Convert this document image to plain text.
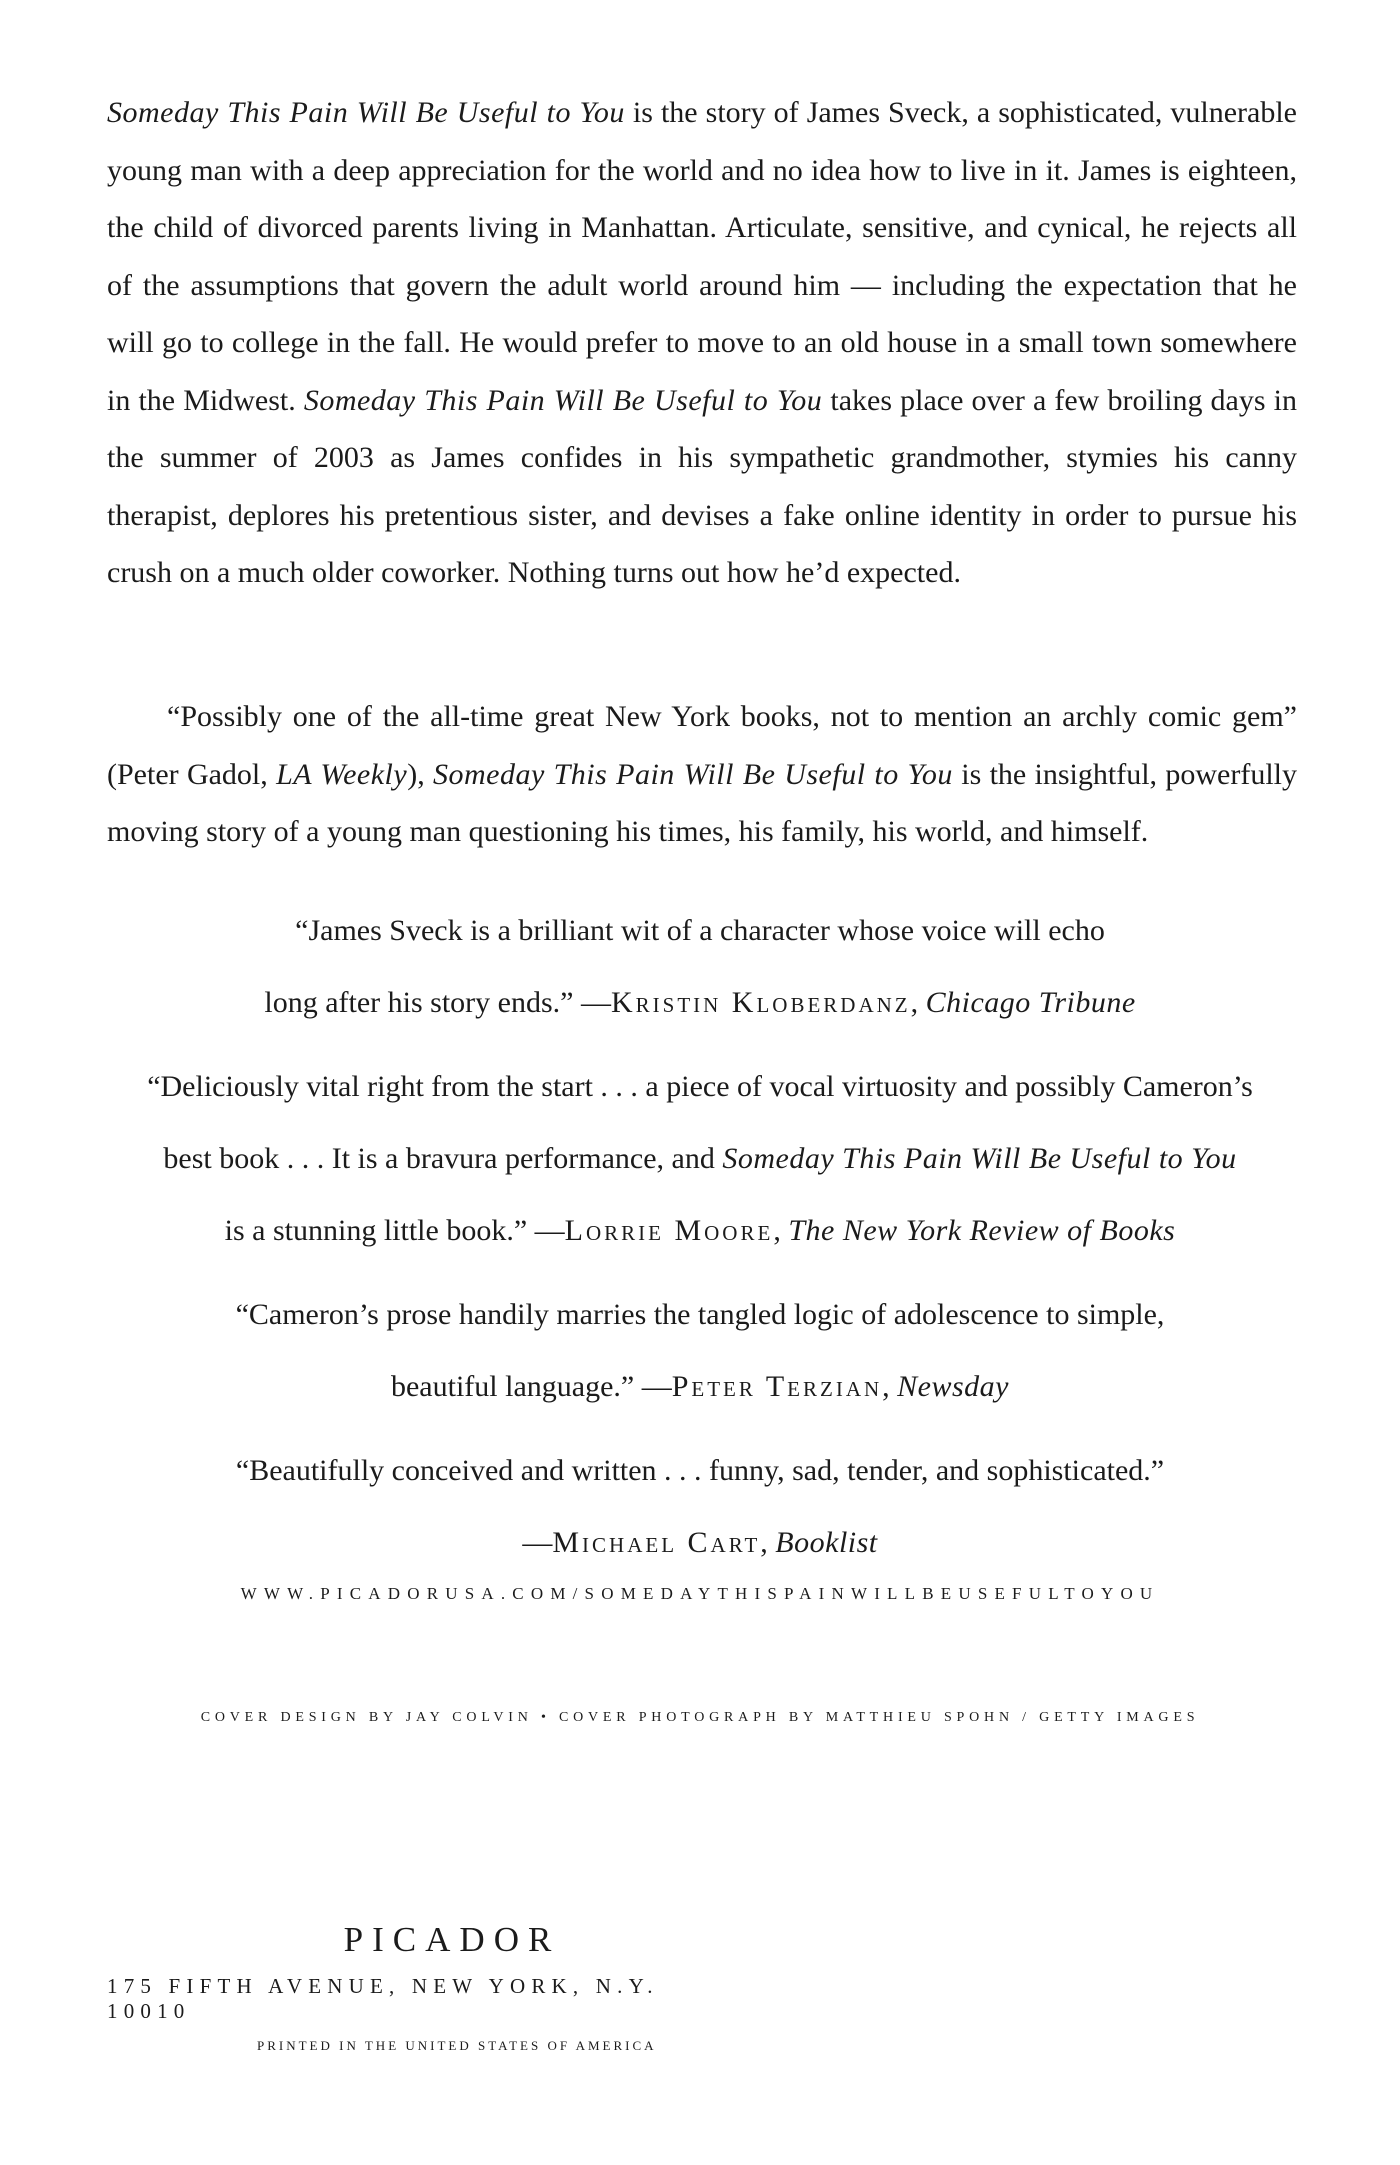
Someday This Pain Will Be Useful to You is the story of James Sveck, a sophisticated, vulnerable young man with a deep appreciation for the world and no idea how to live in it. James is eighteen, the child of divorced parents living in Manhattan. Articulate, sensitive, and cynical, he rejects all of the assumptions that govern the adult world around him — including the expectation that he will go to college in the fall. He would prefer to move to an old house in a small town somewhere in the Midwest. Someday This Pain Will Be Useful to You takes place over a few broiling days in the summer of 2003 as James confides in his sympathetic grandmother, stymies his canny therapist, deplores his pretentious sister, and devises a fake online identity in order to pursue his crush on a much older coworker. Nothing turns out how he’d expected.

“Possibly one of the all-time great New York books, not to mention an archly comic gem” (Peter Gadol, LA Weekly), Someday This Pain Will Be Useful to You is the insightful, powerfully moving story of a young man questioning his times, his family, his world, and himself.

“James Sveck is a brilliant wit of a character whose voice will echo

long after his story ends.” —Kristin Kloberdanz, Chicago Tribune

“Deliciously vital right from the start . . . a piece of vocal virtuosity and possibly Cameron’s

best book . . . It is a bravura performance, and Someday This Pain Will Be Useful to You

is a stunning little book.” —Lorrie Moore, The New York Review of Books

“Cameron’s prose handily marries the tangled logic of adolescence to simple,

beautiful language.” —Peter Terzian, Newsday

“Beautifully conceived and written . . . funny, sad, tender, and sophisticated.”

—Michael Cart, Booklist

WWW.PICADORUSA.COM/SOMEDAYTHISPAINWILLBEUSEFULTOYOU
COVER DESIGN BY JAY COLVIN • COVER PHOTOGRAPH BY MATTHIEU SPOHN / GETTY IMAGES

PICADOR

175 FIFTH AVENUE, NEW YORK, N.Y. 10010

PRINTED IN THE UNITED STATES OF AMERICA
